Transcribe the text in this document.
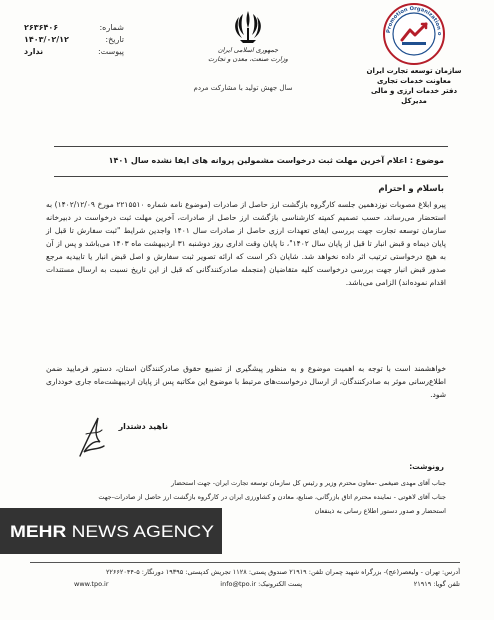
شماره:
۲۶۳۶۴۰۶
تاریخ:
۱۴۰۳/۰۲/۱۲
پیوست:
ندارد	جمهوری اسلامی ایران
وزارت صنعت، معدن و تجارت
سال جهش تولید با مشارکت مردم
Promotion Organization o
سازمان توسعه تجارت ایران
معاونت خدمات تجاری
دفتر خدمات ارزی و مالی
مدیرکل
موضوع : اعلام آخرین مهلت ثبت درخواست مشمولین پروانه های ایفا نشده سال ۱۴۰۱
باسلام و احترام
پیرو ابلاغ مصوبات نوزدهمین جلسه کارگروه بازگشت ارز حاصل از صادرات (موضوع نامه شماره ۲۲۱۵۵۱۰ مورخ ۱۴۰۲/۱۲/۰۹) به استحضار می‌رساند، حسب تصمیم کمیته کارشناسی بازگشت ارز حاصل از صادرات، آخرین مهلت ثبت درخواست در دبیرخانه سازمان توسعه تجارت جهت بررسی ایفای تعهدات ارزی حاصل از صادرات سال ۱۴۰۱ واجدین شرایط "ثبت سفارش تا قبل از پایان دیماه و قبض انبار تا قبل از پایان سال ۱۴۰۲"، تا پایان وقت اداری روز دوشنبه ۳۱ اردیبهشت ماه ۱۴۰۳ می‌باشد و پس از آن به هیچ درخواستی ترتیب اثر داده نخواهد شد. شایان ذکر است که ارائه تصویر ثبت سفارش و اصل قبض انبار یا تاییدیه مرجع صدور قبض انبار جهت بررسی درخواست کلیه متقاضیان (منجمله صادرکنندگانی که قبل از این تاریخ نسبت به ارسال مستندات اقدام نموده‌اند) الزامی می‌باشد.
خواهشمند است با توجه به اهمیت موضوع و به منظور پیشگیری از تضییع حقوق صادرکنندگان استان، دستور فرمایید ضمن اطلاع‌رسانی موثر به صادرکنندگان، از ارسال درخواست‌های مرتبط با موضوع این مکاتبه پس از پایان اردیبهشت‌ماه جاری خودداری شود.
ناهید دشتدار
رونوشت:
جناب آقای مهدی ضیغمی -معاون محترم وزیر و رئیس کل سازمان توسعه تجارت ایران- جهت استحضار
جناب آقای لاهوتی - نماینده محترم اتاق بازرگانی، صنایع، معادن و کشاورزی ایران در کارگروه بازگشت ارز حاصل از صادرات-جهت
استحضار و صدور دستور اطلاع رسانی به ذینفعان
MEHR NEWS AGENCY
آدرس: تهران - ولیعصر(عج)- بزرگراه شهید چمران تلفن: ۲۱۹۱۹ صندوق پستی: ۱۱۲۸ تجریش کدپستی: ۱۹۳۹۵ دورنگار: ۵-۲۲۶۶۲۰۴۴
تلفن گویا: ۲۱۹۱۹
پست الکترونیک: info@tpo.ir
www.tpo.ir
